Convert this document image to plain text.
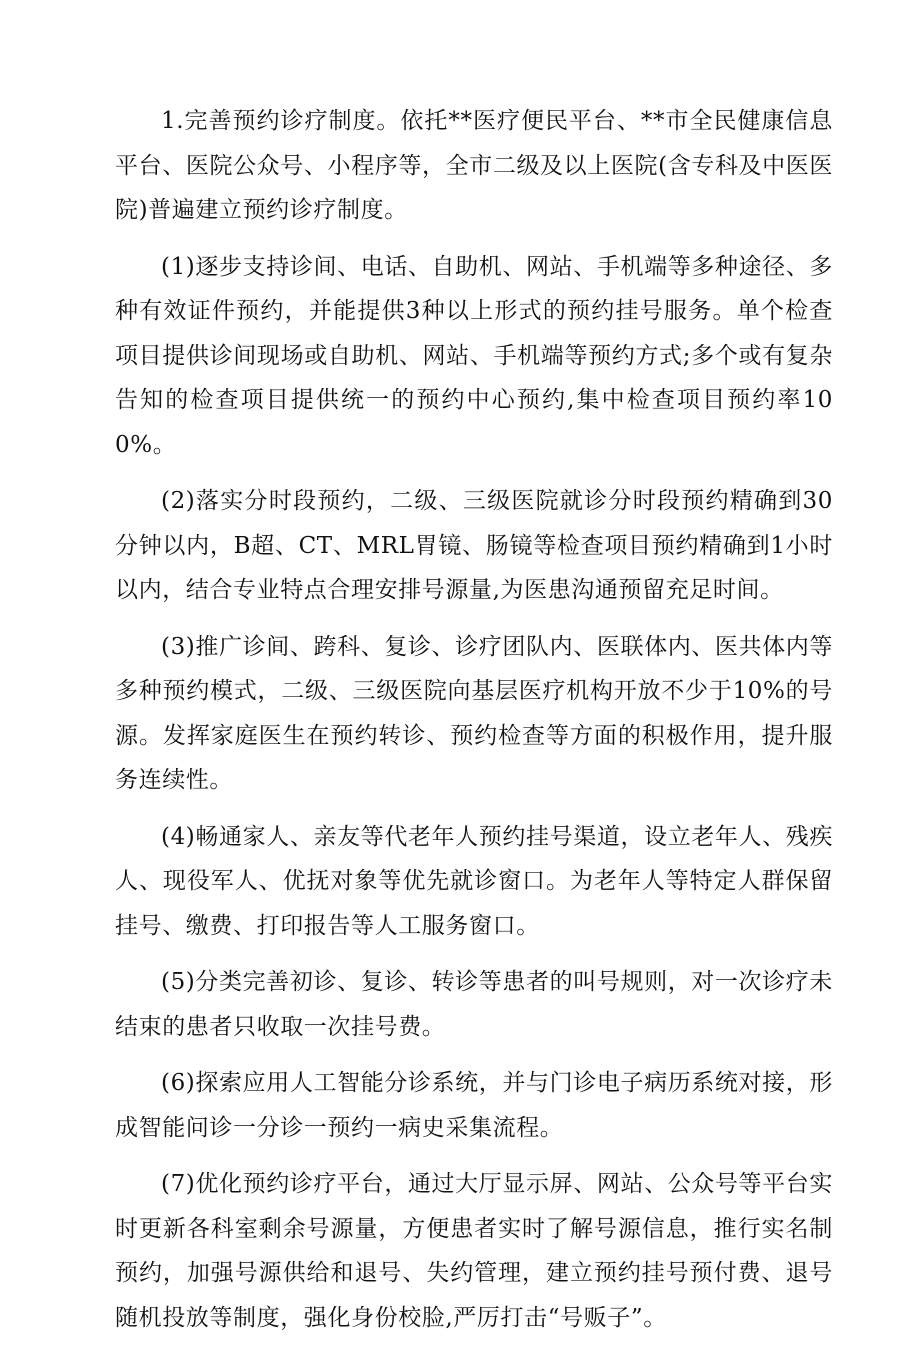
1.完善预约诊疗制度。依托**医疗便民平台、**市全民健康信息平台、医院公众号、小程序等，全市二级及以上医院(含专科及中医医院)普遍建立预约诊疗制度。

(1)逐步支持诊间、电话、自助机、网站、手机端等多种途径、多种有效证件预约，并能提供3种以上形式的预约挂号服务。单个检查项目提供诊间现场或自助机、网站、手机端等预约方式;多个或有复杂告知的检查项目提供统一的预约中心预约,集中检查项目预约率100%。

(2)落实分时段预约，二级、三级医院就诊分时段预约精确到30分钟以内，B超、CT、MRL胃镜、肠镜等检查项目预约精确到1小时以内，结合专业特点合理安排号源量,为医患沟通预留充足时间。

(3)推广诊间、跨科、复诊、诊疗团队内、医联体内、医共体内等多种预约模式，二级、三级医院向基层医疗机构开放不少于10%的号源。发挥家庭医生在预约转诊、预约检查等方面的积极作用，提升服务连续性。

(4)畅通家人、亲友等代老年人预约挂号渠道，设立老年人、残疾人、现役军人、优抚对象等优先就诊窗口。为老年人等特定人群保留挂号、缴费、打印报告等人工服务窗口。

(5)分类完善初诊、复诊、转诊等患者的叫号规则，对一次诊疗未结束的患者只收取一次挂号费。

(6)探索应用人工智能分诊系统，并与门诊电子病历系统对接，形成智能问诊一分诊一预约一病史采集流程。

(7)优化预约诊疗平台，通过大厅显示屏、网站、公众号等平台实时更新各科室剩余号源量，方便患者实时了解号源信息，推行实名制预约，加强号源供给和退号、失约管理，建立预约挂号预付费、退号随机投放等制度，强化身份校脸,严厉打击“号贩子”。
